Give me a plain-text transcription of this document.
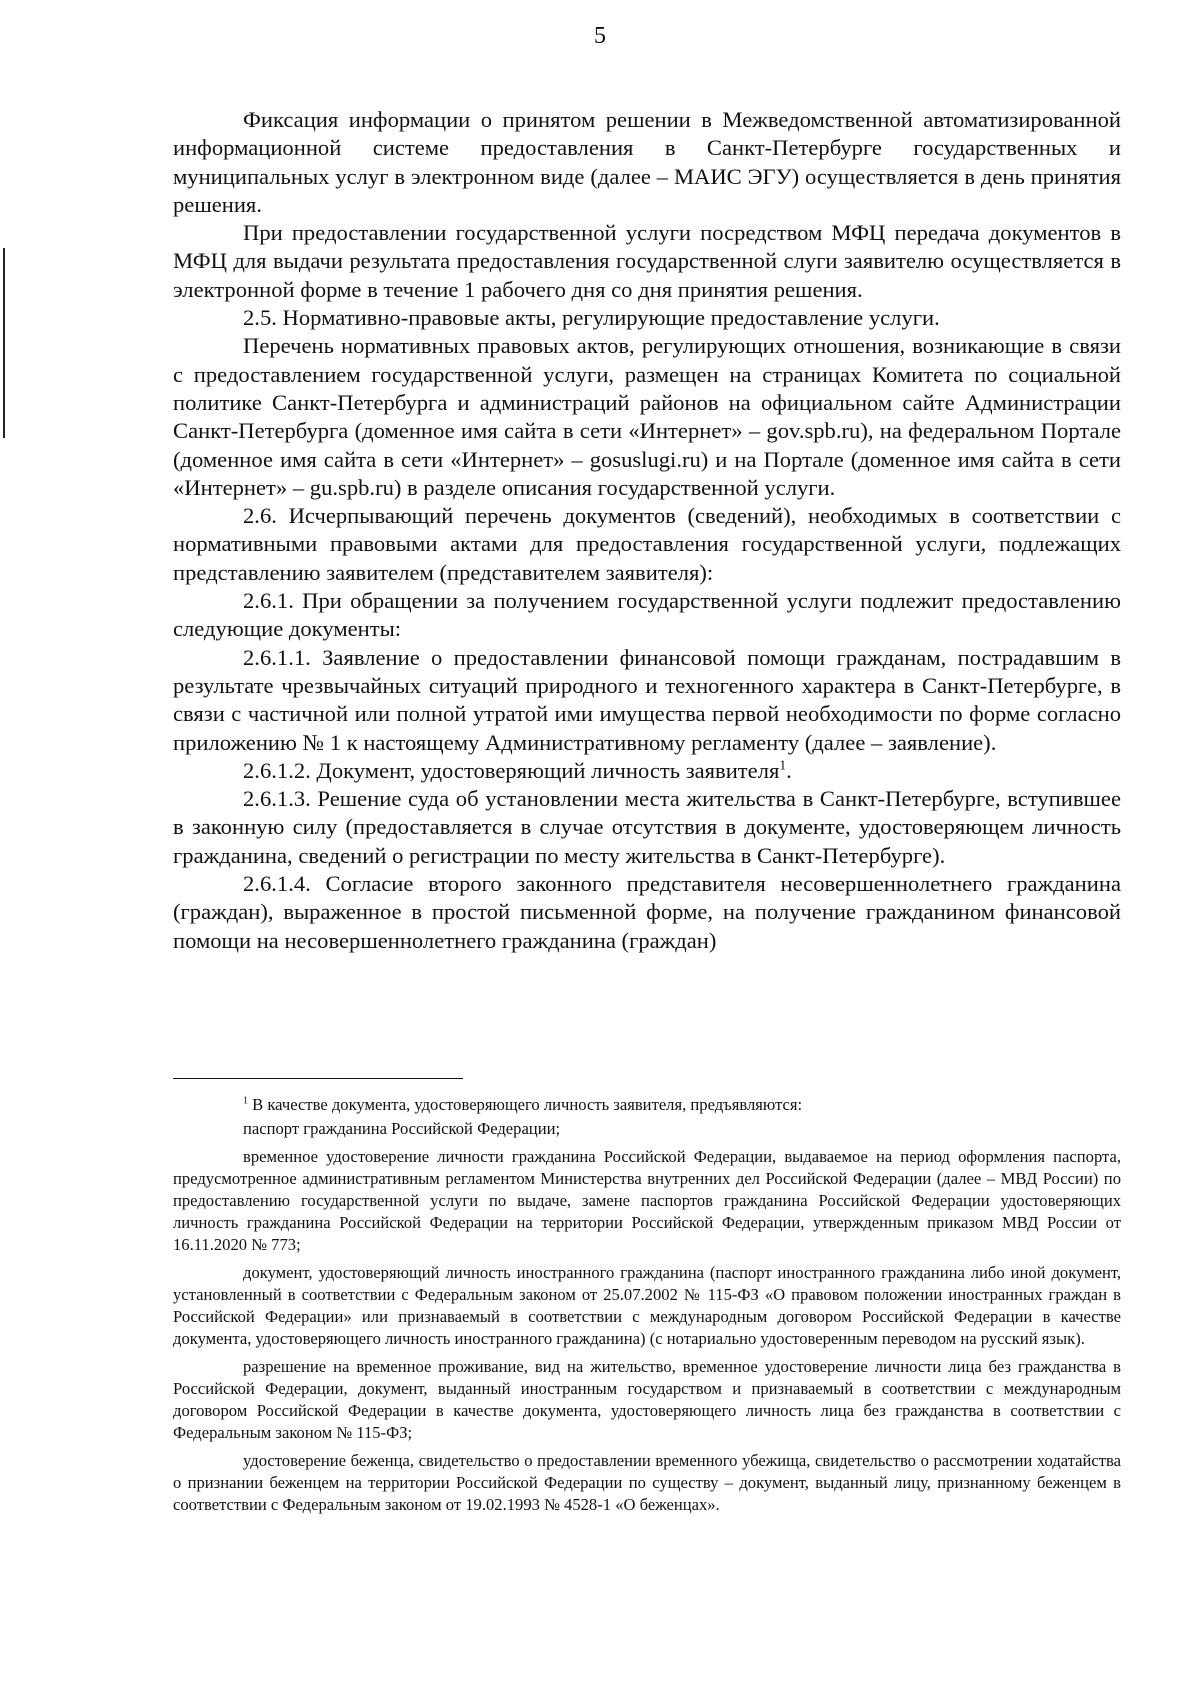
5

Фиксация информации о принятом решении в Межведомственной автоматизированной информационной системе предоставления в Санкт-Петербурге государственных и муниципальных услуг в электронном виде (далее – МАИС ЭГУ) осуществляется в день принятия решения.

При предоставлении государственной услуги посредством МФЦ передача документов в МФЦ для выдачи результата предоставления государственной слуги заявителю осуществляется в электронной форме в течение 1 рабочего дня со дня принятия решения.

2.5. Нормативно-правовые акты, регулирующие предоставление услуги.

Перечень нормативных правовых актов, регулирующих отношения, возникающие в связи с предоставлением государственной услуги, размещен на страницах Комитета по социальной политике Санкт-Петербурга и администраций районов на официальном сайте Администрации Санкт-Петербурга (доменное имя сайта в сети «Интернет» – gov.spb.ru), на федеральном Портале (доменное имя сайта в сети «Интернет» – gosuslugi.ru) и на Портале (доменное имя сайта в сети «Интернет» – gu.spb.ru) в разделе описания государственной услуги.

2.6. Исчерпывающий перечень документов (сведений), необходимых в соответствии с нормативными правовыми актами для предоставления государственной услуги, подлежащих представлению заявителем (представителем заявителя):

2.6.1. При обращении за получением государственной услуги подлежит предоставлению следующие документы:

2.6.1.1. Заявление о предоставлении финансовой помощи гражданам, пострадавшим в результате чрезвычайных ситуаций природного и техногенного характера в Санкт-Петербурге, в связи с частичной или полной утратой ими имущества первой необходимости по форме согласно приложению № 1 к настоящему Административному регламенту (далее – заявление).

2.6.1.2. Документ, удостоверяющий личность заявителя$^1$.

2.6.1.3. Решение суда об установлении места жительства в Санкт-Петербурге, вступившее в законную силу (предоставляется в случае отсутствия в документе, удостоверяющем личность гражданина, сведений о регистрации по месту жительства в Санкт-Петербурге).

2.6.1.4. Согласие второго законного представителя несовершеннолетнего гражданина (граждан), выраженное в простой письменной форме, на получение гражданином финансовой помощи на несовершеннолетнего гражданина (граждан)

$^1$ В качестве документа, удостоверяющего личность заявителя, предъявляются:

паспорт гражданина Российской Федерации;

временное удостоверение личности гражданина Российской Федерации, выдаваемое на период оформления паспорта, предусмотренное административным регламентом Министерства внутренних дел Российской Федерации (далее – МВД России) по предоставлению государственной услуги по выдаче, замене паспортов гражданина Российской Федерации удостоверяющих личность гражданина Российской Федерации на территории Российской Федерации, утвержденным приказом МВД России от 16.11.2020 № 773;

документ, удостоверяющий личность иностранного гражданина (паспорт иностранного гражданина либо иной документ, установленный в соответствии с Федеральным законом от 25.07.2002 № 115-ФЗ «О правовом положении иностранных граждан в Российской Федерации» или признаваемый в соответствии с международным договором Российской Федерации в качестве документа, удостоверяющего личность иностранного гражданина) (с нотариально удостоверенным переводом на русский язык).

разрешение на временное проживание, вид на жительство, временное удостоверение личности лица без гражданства в Российской Федерации, документ, выданный иностранным государством и признаваемый в соответствии с международным договором Российской Федерации в качестве документа, удостоверяющего личность лица без гражданства в соответствии с Федеральным законом № 115-ФЗ;

удостоверение беженца, свидетельство о предоставлении временного убежища, свидетельство о рассмотрении ходатайства о признании беженцем на территории Российской Федерации по существу – документ, выданный лицу, признанному беженцем в соответствии с Федеральным законом от 19.02.1993 № 4528-1 «О беженцах».
